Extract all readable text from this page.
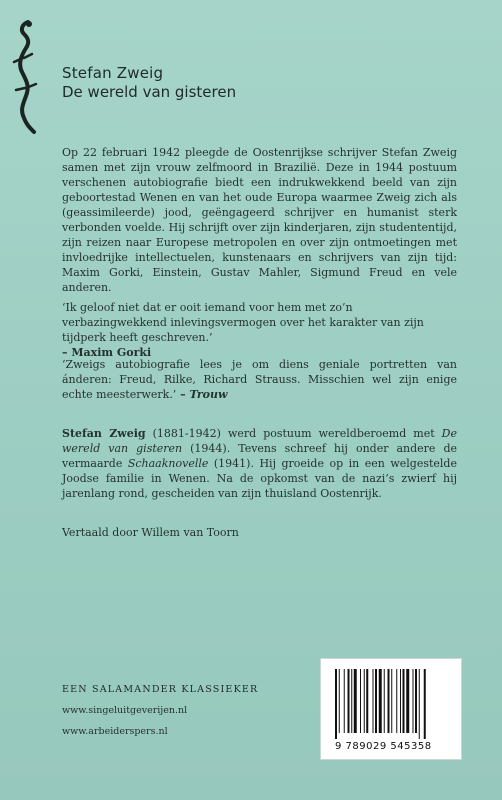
Stefan Zweig
De wereld van gisteren
Op 22 februari 1942 pleegde de Oostenrijkse schrijver Stefan Zweig samen met zijn vrouw zelfmoord in Brazilië. Deze in 1944 postuum verschenen autobiografie biedt een indrukwekkend beeld van zijn geboortestad Wenen en van het oude Europa waarmee Zweig zich als (geassimileerde) jood, geëngageerd schrijver en humanist sterk verbonden voelde. Hij schrijft over zijn kinderjaren, zijn studententijd, zijn reizen naar Europese metropolen en over zijn ontmoetingen met invloedrijke intellectuelen, kunstenaars en schrijvers van zijn tijd: Maxim Gorki, Einstein, Gustav Mahler, Sigmund Freud en vele anderen.
‘Ik geloof niet dat er ooit iemand voor hem met zo’n verbazingwekkend inlevingsvermogen over het karakter van zijn tijdperk heeft geschreven.’
– Maxim Gorki
‘Zweigs autobiografie lees je om diens geniale portretten van ánderen: Freud, Rilke, Richard Strauss. Misschien wel zijn enige echte meesterwerk.’ – Trouw
Stefan Zweig (1881-1942) werd postuum wereldberoemd met De wereld van gisteren (1944). Tevens schreef hij onder andere de vermaarde Schaaknovelle (1941). Hij groeide op in een welgestelde Joodse familie in Wenen. Na de opkomst van de nazi’s zwierf hij jarenlang rond, gescheiden van zijn thuisland Oostenrijk.
Vertaald door Willem van Toorn
EEN SALAMANDER KLASSIEKER
www.singeluitgeverijen.nl
www.arbeiderspers.nl
9 789029 545358
